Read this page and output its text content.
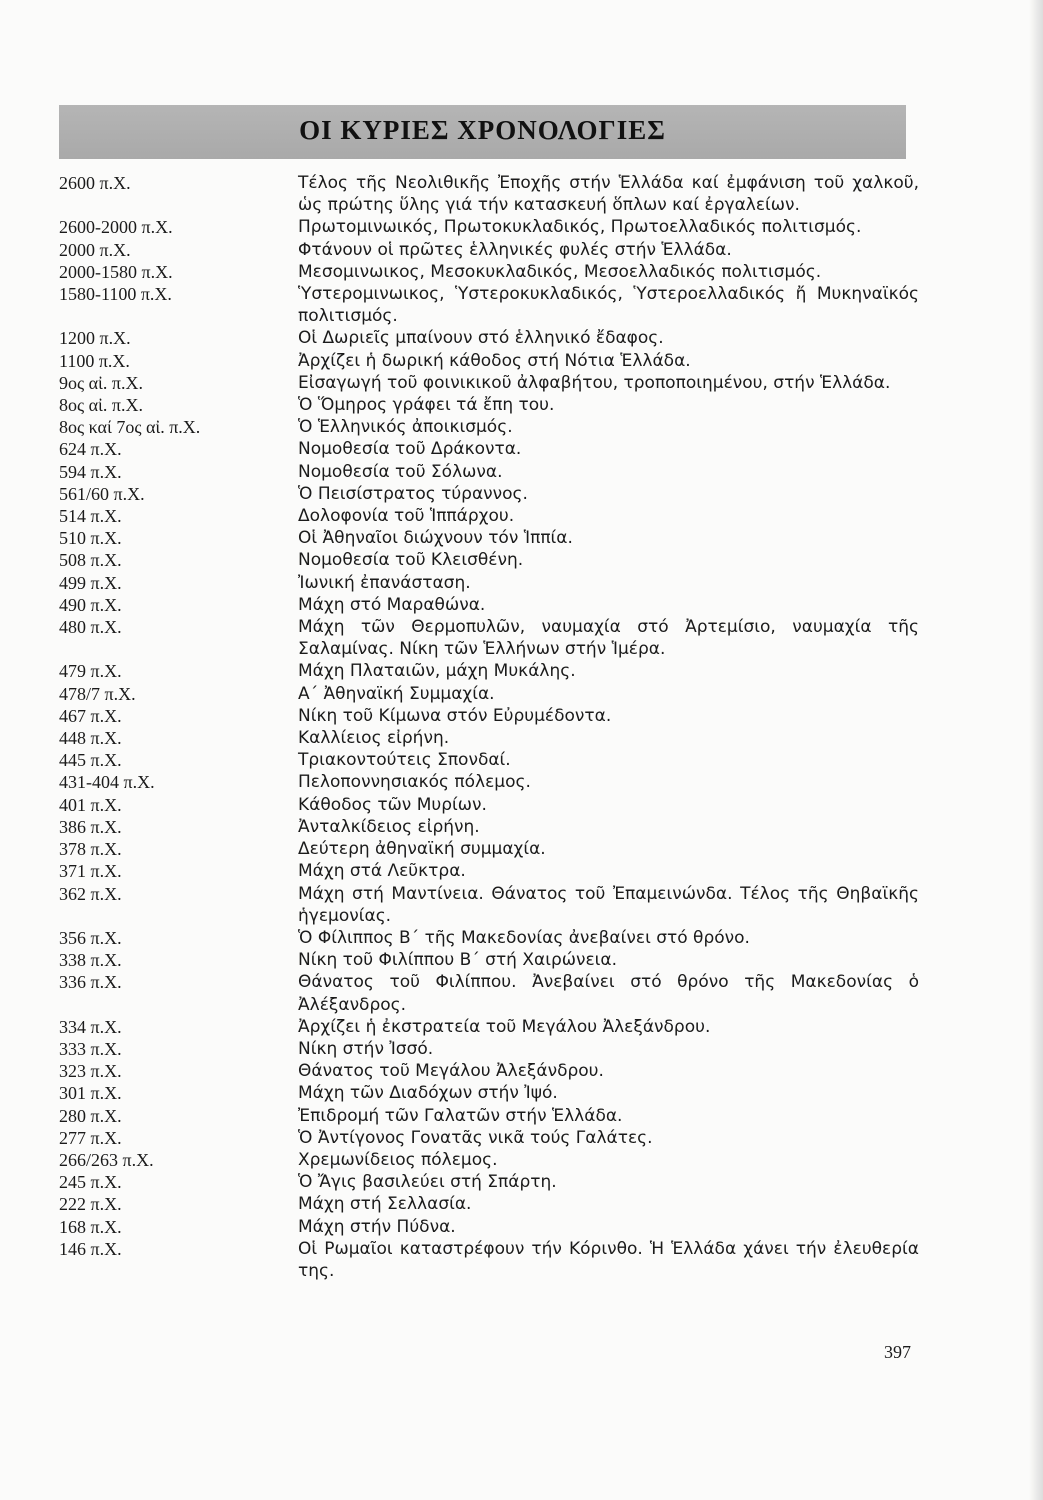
ΟΙ ΚΥΡΙΕΣ ΧΡΟΝΟΛΟΓΙΕΣ
2600 π.Χ.	Τέλος τῆς Νεολιθικῆς Ἐποχῆς στήν Ἑλλάδα καί ἐμφάνιση τοῦ χαλκοῦ, ὡς πρώτης ὕλης γιά τήν κατασκευή ὅπλων καί ἐργαλείων.
2600-2000 π.Χ.	Πρωτομινωικός, Πρωτοκυκλαδικός, Πρωτοελλαδικός πολιτισμός.
2000 π.Χ.	Φτάνουν οἱ πρῶτες ἑλληνικές φυλές στήν Ἑλλάδα.
2000-1580 π.Χ.	Μεσομινωικος, Μεσοκυκλαδικός, Μεσοελλαδικός πολιτισμός.
1580-1100 π.Χ.	Ὑστερομινωικος, Ὑστεροκυκλαδικός, Ὑστεροελλαδικός ἤ Μυκηναϊκός πολιτισμός.
1200 π.Χ.	Οἱ Δωριεῖς μπαίνουν στό ἑλληνικό ἔδαφος.
1100 π.Χ.	Ἀρχίζει ἡ δωρική κάθοδος στή Νότια Ἑλλάδα.
9ος αἰ. π.Χ.	Εἰσαγωγή τοῦ φοινικικοῦ ἀλφαβήτου, τροποποιημένου, στήν Ἑλλάδα.
8ος αἰ. π.Χ.	Ὁ Ὅμηρος γράφει τά ἔπη του.
8ος καί 7ος αἰ. π.Χ.	Ὁ Ἑλληνικός ἀποικισμός.
624 π.Χ.	Νομοθεσία τοῦ Δράκοντα.
594 π.Χ.	Νομοθεσία τοῦ Σόλωνα.
561/60 π.Χ.	Ὁ Πεισίστρατος τύραννος.
514 π.Χ.	Δολοφονία τοῦ Ἱππάρχου.
510 π.Χ.	Οἱ Ἀθηναῖοι διώχνουν τόν Ἱππία.
508 π.Χ.	Νομοθεσία τοῦ Κλεισθένη.
499 π.Χ.	Ἰωνική ἐπανάσταση.
490 π.Χ.	Μάχη στό Μαραθώνα.
480 π.Χ.	Μάχη τῶν Θερμοπυλῶν, ναυμαχία στό Ἀρτεμίσιο, ναυμαχία τῆς Σαλαμίνας. Νίκη τῶν Ἑλλήνων στήν Ἱμέρα.
479 π.Χ.	Μάχη Πλαταιῶν, μάχη Μυκάλης.
478/7 π.Χ.	Α΄ Ἀθηναϊκή Συμμαχία.
467 π.Χ.	Νίκη τοῦ Κίμωνα στόν Εὐρυμέδοντα.
448 π.Χ.	Καλλίειος εἰρήνη.
445 π.Χ.	Τριακοντούτεις Σπονδαί.
431-404 π.Χ.	Πελοποννησιακός πόλεμος.
401 π.Χ.	Κάθοδος τῶν Μυρίων.
386 π.Χ.	Ἀνταλκίδειος εἰρήνη.
378 π.Χ.	Δεύτερη ἀθηναϊκή συμμαχία.
371 π.Χ.	Μάχη στά Λεῦκτρα.
362 π.Χ.	Μάχη στή Μαντίνεια. Θάνατος τοῦ Ἐπαμεινώνδα. Τέλος τῆς Θηβαϊκῆς ἡγεμονίας.
356 π.Χ.	Ὁ Φίλιππος Β΄ τῆς Μακεδονίας ἀνεβαίνει στό θρόνο.
338 π.Χ.	Νίκη τοῦ Φιλίππου Β΄ στή Χαιρώνεια.
336 π.Χ.	Θάνατος τοῦ Φιλίππου. Ἀνεβαίνει στό θρόνο τῆς Μακεδονίας ὁ Ἀλέξανδρος.
334 π.Χ.	Ἀρχίζει ἡ ἐκστρατεία τοῦ Μεγάλου Ἀλεξάνδρου.
333 π.Χ.	Νίκη στήν Ἰσσό.
323 π.Χ.	Θάνατος τοῦ Μεγάλου Ἀλεξάνδρου.
301 π.Χ.	Μάχη τῶν Διαδόχων στήν Ἰψό.
280 π.Χ.	Ἐπιδρομή τῶν Γαλατῶν στήν Ἑλλάδα.
277 π.Χ.	Ὁ Ἀντίγονος Γονατᾶς νικᾶ τούς Γαλάτες.
266/263 π.Χ.	Χρεμωνίδειος πόλεμος.
245 π.Χ.	Ὁ Ἄγις βασιλεύει στή Σπάρτη.
222 π.Χ.	Μάχη στή Σελλασία.
168 π.Χ.	Μάχη στήν Πύδνα.
146 π.Χ.	Οἱ Ρωμαῖοι καταστρέφουν τήν Κόρινθο. Ἡ Ἑλλάδα χάνει τήν ἐλευθερία της.
397
